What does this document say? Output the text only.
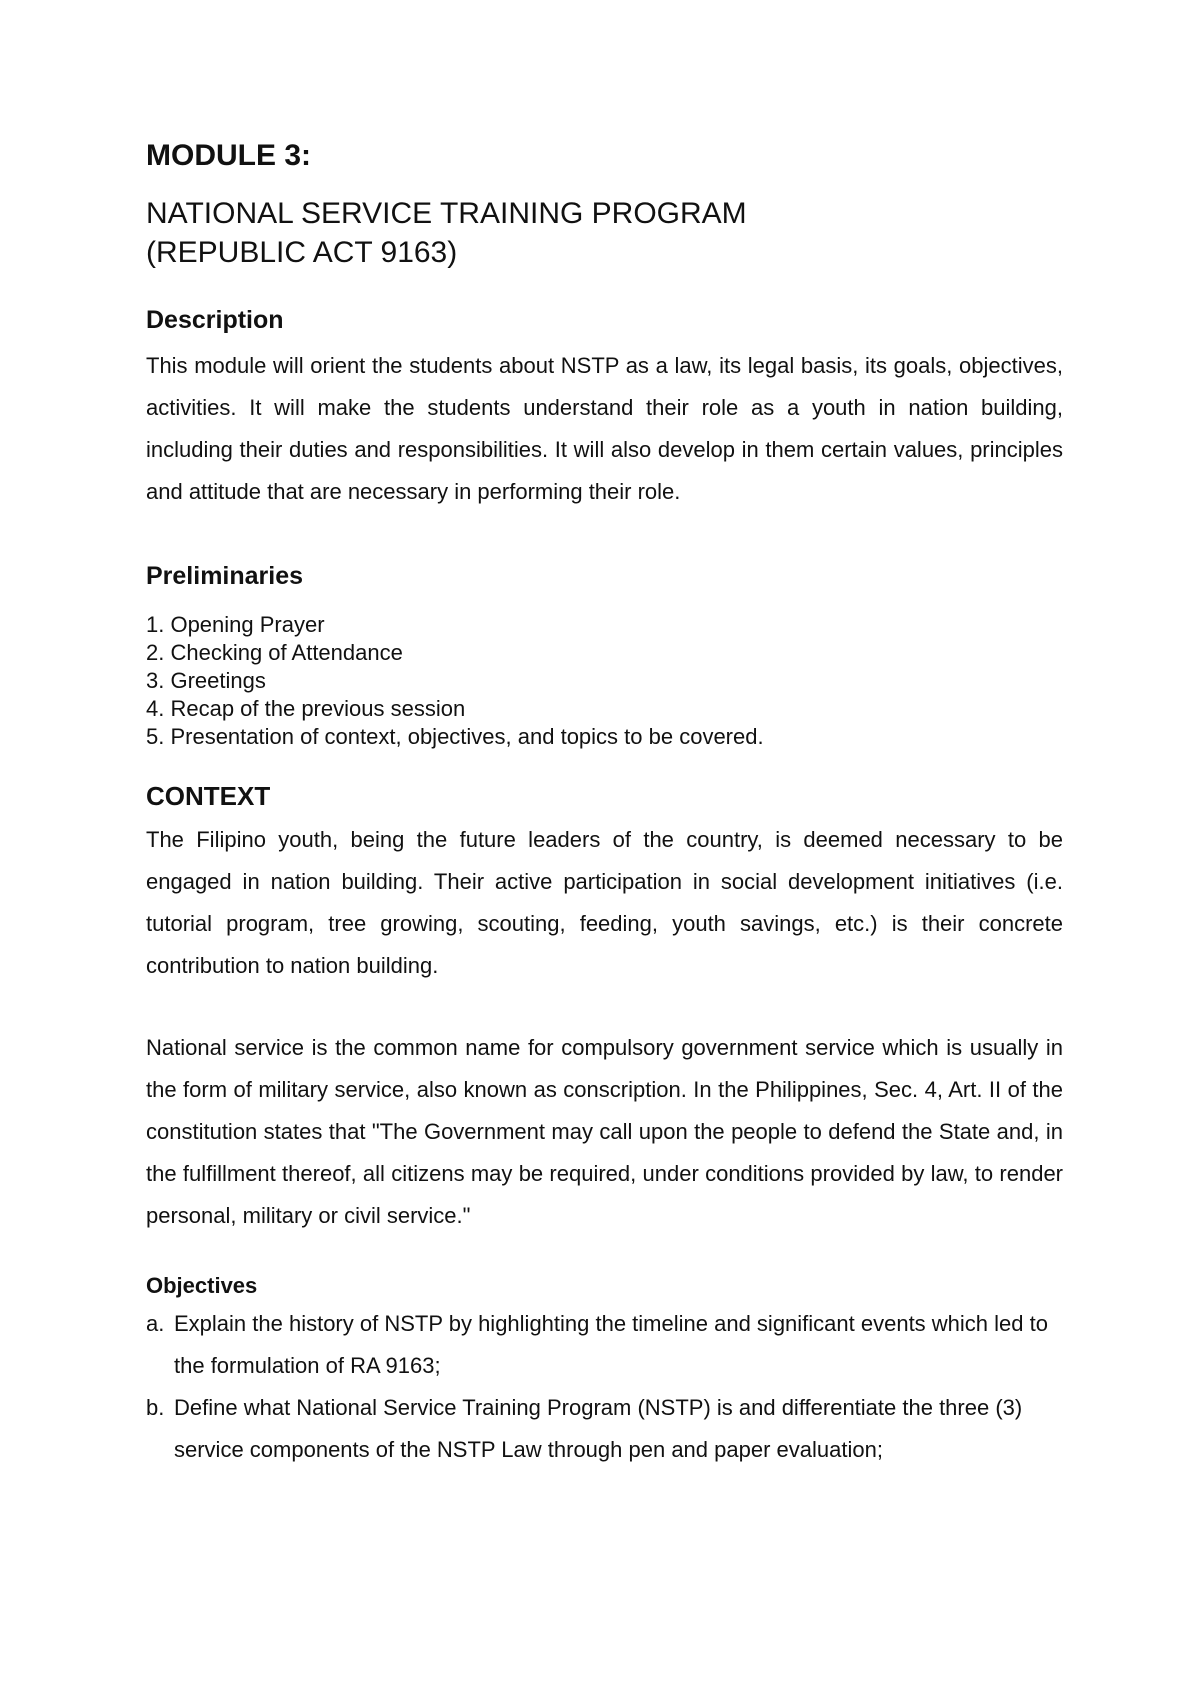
MODULE 3:
NATIONAL SERVICE TRAINING PROGRAM
(REPUBLIC ACT 9163)
Description

This module will orient the students about NSTP as a law, its legal basis, its goals, objectives, activities. It will make the students understand their role as a youth in nation building, including their duties and responsibilities. It will also develop in them certain values, principles and attitude that are necessary in performing their role.

Preliminaries
1. Opening Prayer
2. Checking of Attendance
3. Greetings
4. Recap of the previous session
5. Presentation of context, objectives, and topics to be covered.
CONTEXT

The Filipino youth, being the future leaders of the country, is deemed necessary to be engaged in nation building. Their active participation in social development initiatives (i.e. tutorial program, tree growing, scouting, feeding, youth savings, etc.) is their concrete contribution to nation building.

National service is the common name for compulsory government service which is usually in the form of military service, also known as conscription. In the Philippines, Sec. 4, Art. II of the constitution states that "The Government may call upon the people to defend the State and, in the fulfillment thereof, all citizens may be required, under conditions provided by law, to render personal, military or civil service."

Objectives
a. Explain the history of NSTP by highlighting the timeline and significant events which led to the formulation of RA 9163;
b. Define what National Service Training Program (NSTP) is and differentiate the three (3) service components of the NSTP Law through pen and paper evaluation;
